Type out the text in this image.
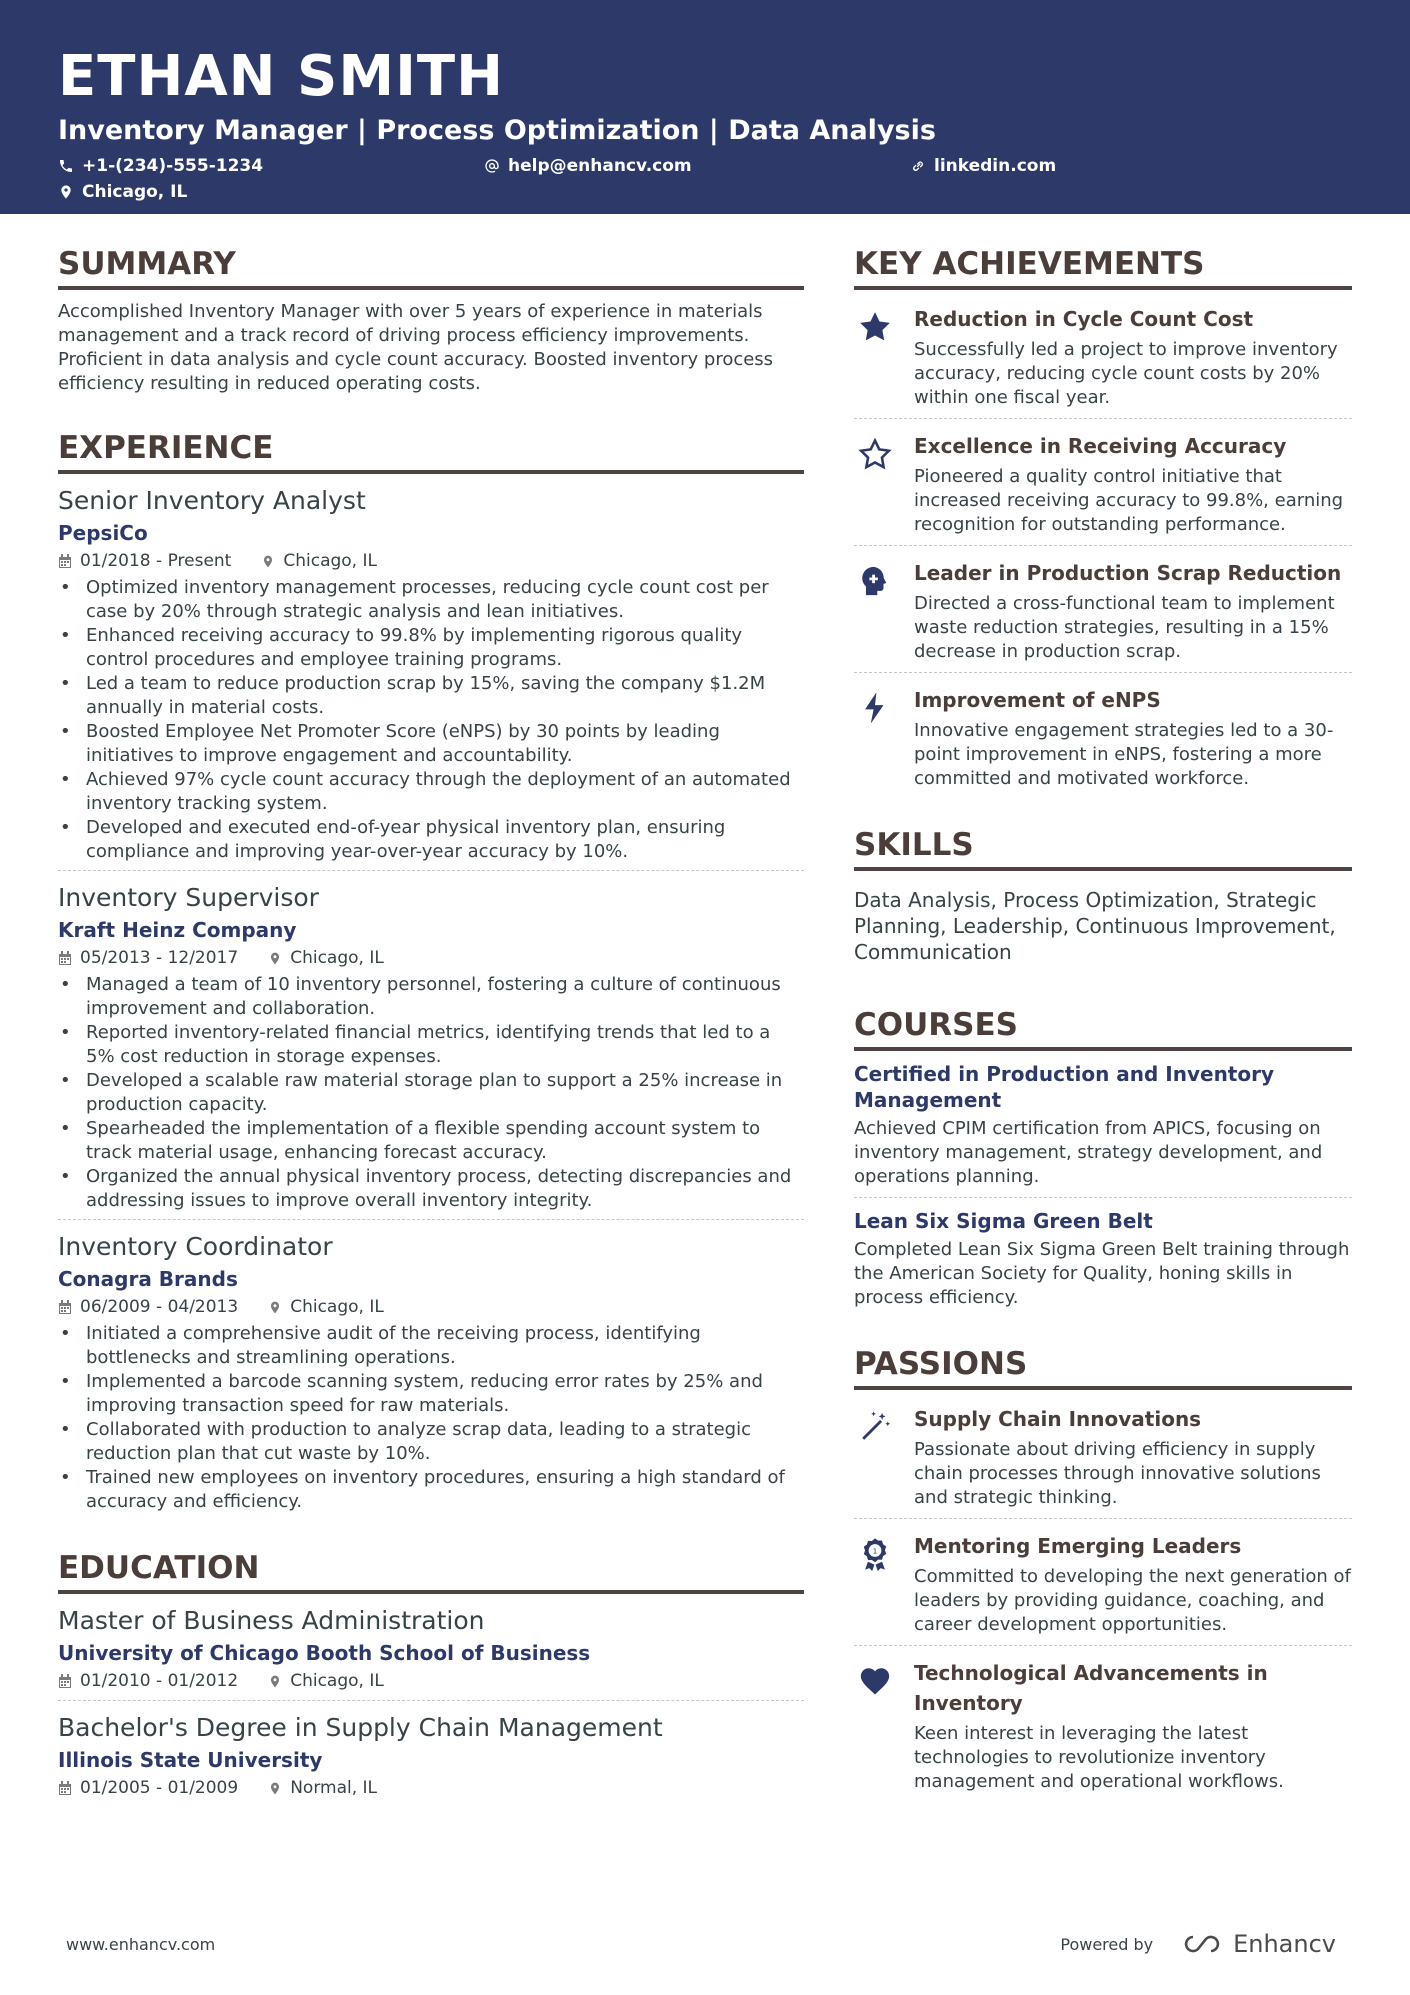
ETHAN SMITH
Inventory Manager | Process Optimization | Data Analysis
+1-(234)-555-1234	help@enhancv.com	linkedin.com
Chicago, IL
SUMMARY
Accomplished Inventory Manager with over 5 years of experience in materials management and a track record of driving process efficiency improvements. Proficient in data analysis and cycle count accuracy. Boosted inventory process efficiency resulting in reduced operating costs.
EXPERIENCE
Senior Inventory Analyst
PepsiCo
01/2018 - Present	Chicago, IL
• Optimized inventory management processes, reducing cycle count cost per case by 20% through strategic analysis and lean initiatives.
• Enhanced receiving accuracy to 99.8% by implementing rigorous quality control procedures and employee training programs.
• Led a team to reduce production scrap by 15%, saving the company $1.2M annually in material costs.
• Boosted Employee Net Promoter Score (eNPS) by 30 points by leading initiatives to improve engagement and accountability.
• Achieved 97% cycle count accuracy through the deployment of an automated inventory tracking system.
• Developed and executed end-of-year physical inventory plan, ensuring compliance and improving year-over-year accuracy by 10%.
Inventory Supervisor
Kraft Heinz Company
05/2013 - 12/2017	Chicago, IL
• Managed a team of 10 inventory personnel, fostering a culture of continuous improvement and collaboration.
• Reported inventory-related financial metrics, identifying trends that led to a 5% cost reduction in storage expenses.
• Developed a scalable raw material storage plan to support a 25% increase in production capacity.
• Spearheaded the implementation of a flexible spending account system to track material usage, enhancing forecast accuracy.
• Organized the annual physical inventory process, detecting discrepancies and addressing issues to improve overall inventory integrity.
Inventory Coordinator
Conagra Brands
06/2009 - 04/2013	Chicago, IL
• Initiated a comprehensive audit of the receiving process, identifying bottlenecks and streamlining operations.
• Implemented a barcode scanning system, reducing error rates by 25% and improving transaction speed for raw materials.
• Collaborated with production to analyze scrap data, leading to a strategic reduction plan that cut waste by 10%.
• Trained new employees on inventory procedures, ensuring a high standard of accuracy and efficiency.
EDUCATION
Master of Business Administration
University of Chicago Booth School of Business
01/2010 - 01/2012	Chicago, IL
Bachelor's Degree in Supply Chain Management
Illinois State University
01/2005 - 01/2009	Normal, IL
KEY ACHIEVEMENTS
Reduction in Cycle Count Cost
Successfully led a project to improve inventory accuracy, reducing cycle count costs by 20% within one fiscal year.
Excellence in Receiving Accuracy
Pioneered a quality control initiative that increased receiving accuracy to 99.8%, earning recognition for outstanding performance.
Leader in Production Scrap Reduction
Directed a cross-functional team to implement waste reduction strategies, resulting in a 15% decrease in production scrap.
Improvement of eNPS
Innovative engagement strategies led to a 30-point improvement in eNPS, fostering a more committed and motivated workforce.
SKILLS
Data Analysis, Process Optimization, Strategic Planning, Leadership, Continuous Improvement, Communication
COURSES
Certified in Production and Inventory Management
Achieved CPIM certification from APICS, focusing on inventory management, strategy development, and operations planning.
Lean Six Sigma Green Belt
Completed Lean Six Sigma Green Belt training through the American Society for Quality, honing skills in process efficiency.
PASSIONS
Supply Chain Innovations
Passionate about driving efficiency in supply chain processes through innovative solutions and strategic thinking.
1 Mentoring Emerging Leaders
Committed to developing the next generation of leaders by providing guidance, coaching, and career development opportunities.
Technological Advancements in Inventory
Keen interest in leveraging the latest technologies to revolutionize inventory management and operational workflows.
www.enhancv.com	Powered by	Enhancv
